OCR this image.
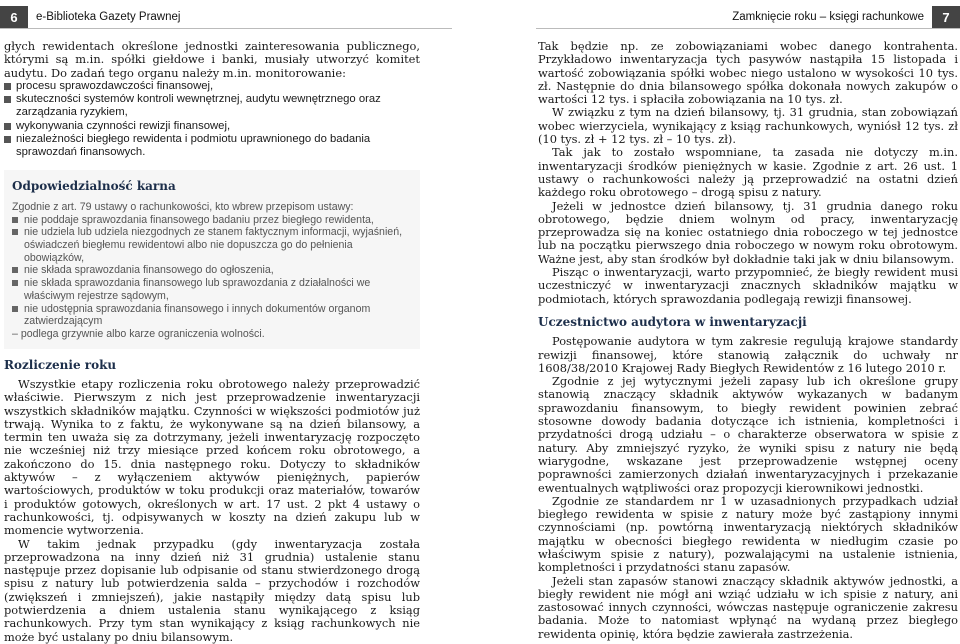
6	e-Biblioteka Gazety Prawnej	Zamknięcie roku – księgi rachunkowe	7

głych rewidentach określone jednostki zainteresowania publicznego, którymi są m.in. spółki giełdowe i banki, musiały utworzyć komitet audytu. Do zadań tego organu należy m.in. monitorowanie:

procesu sprawozdawczości finansowej,
skuteczności systemów kontroli wewnętrznej, audytu wewnętrznego oraz zarządzania ryzykiem,
wykonywania czynności rewizji finansowej,
niezależności biegłego rewidenta i podmiotu uprawnionego do badania sprawozdań finansowych.
Odpowiedzialność karna
Zgodnie z art. 79 ustawy o rachunkowości, kto wbrew przepisom ustawy:
nie poddaje sprawozdania finansowego badaniu przez biegłego rewidenta,
nie udziela lub udziela niezgodnych ze stanem faktycznym informacji, wyjaśnień, oświadczeń biegłemu rewidentowi albo nie dopuszcza go do pełnienia obowiązków,
nie składa sprawozdania finansowego do ogłoszenia,
nie składa sprawozdania finansowego lub sprawozdania z działalności we właściwym rejestrze sądowym,
nie udostępnia sprawozdania finansowego i innych dokumentów organom zatwierdzającym
– podlega grzywnie albo karze ograniczenia wolności.
Rozliczenie roku

Wszystkie etapy rozliczenia roku obrotowego należy przeprowadzić właściwie. Pierwszym z nich jest przeprowadzenie inwentaryzacji wszystkich składników majątku. Czynności w większości podmiotów już trwają. Wynika to z faktu, że wykonywane są na dzień bilansowy, a termin ten uważa się za dotrzymany, jeżeli inwentaryzację rozpoczęto nie wcześniej niż trzy miesiące przed końcem roku obrotowego, a zakończono do 15. dnia następnego roku. Dotyczy to składników aktywów – z wyłączeniem aktywów pieniężnych, papierów wartościowych, produktów w toku produkcji oraz materiałów, towarów i produktów gotowych, określonych w art. 17 ust. 2 pkt 4 ustawy o rachunkowości, tj. odpisywanych w koszty na dzień zakupu lub w momencie wytworzenia.

W takim jednak przypadku (gdy inwentaryzacja została przeprowadzona na inny dzień niż 31 grudnia) ustalenie stanu następuje przez dopisanie lub odpisanie od stanu stwierdzonego drogą spisu z natury lub potwierdzenia salda – przychodów i rozchodów (zwiększeń i zmniejszeń), jakie nastąpiły między datą spisu lub potwierdzenia a dniem ustalenia stanu wynikającego z ksiąg rachunkowych. Przy tym stan wynikający z ksiąg rachunkowych nie może być ustalany po dniu bilansowym.

Tak będzie np. ze zobowiązaniami wobec danego kontrahenta. Przykładowo inwentaryzacja tych pasywów nastąpiła 15 listopada i wartość zobowiązania spółki wobec niego ustalono w wysokości 10 tys. zł. Następnie do dnia bilansowego spółka dokonała nowych zakupów o wartości 12 tys. i spłaciła zobowiązania na 10 tys. zł.

W związku z tym na dzień bilansowy, tj. 31 grudnia, stan zobowiązań wobec wierzyciela, wynikający z ksiąg rachunkowych, wyniósł 12 tys. zł (10 tys. zł + 12 tys. zł – 10 tys. zł).

Tak jak to zostało wspomniane, ta zasada nie dotyczy m.in. inwentaryzacji środków pieniężnych w kasie. Zgodnie z art. 26 ust. 1 ustawy o rachunkowości należy ją przeprowadzić na ostatni dzień każdego roku obrotowego – drogą spisu z natury.

Jeżeli w jednostce dzień bilansowy, tj. 31 grudnia danego roku obrotowego, będzie dniem wolnym od pracy, inwentaryzację przeprowadza się na koniec ostatniego dnia roboczego w tej jednostce lub na początku pierwszego dnia roboczego w nowym roku obrotowym. Ważne jest, aby stan środków był dokładnie taki jak w dniu bilansowym.

Pisząc o inwentaryzacji, warto przypomnieć, że biegły rewident musi uczestniczyć w inwentaryzacji znacznych składników majątku w podmiotach, których sprawozdania podlegają rewizji finansowej.

Uczestnictwo audytora w inwentaryzacji

Postępowanie audytora w tym zakresie regulują krajowe standardy rewizji finansowej, które stanowią załącznik do uchwały nr 1608/38/2010 Krajowej Rady Biegłych Rewidentów z 16 lutego 2010 r.

Zgodnie z jej wytycznymi jeżeli zapasy lub ich określone grupy stanowią znaczący składnik aktywów wykazanych w badanym sprawozdaniu finansowym, to biegły rewident powinien zebrać stosowne dowody badania dotyczące ich istnienia, kompletności i przydatności drogą udziału – o charakterze obserwatora w spisie z natury. Aby zmniejszyć ryzyko, że wyniki spisu z natury nie będą wiarygodne, wskazane jest przeprowadzenie wstępnej oceny poprawności zamierzonych działań inwentaryzacyjnych i przekazanie ewentualnych wątpliwości oraz propozycji kierownikowi jednostki.

Zgodnie ze standardem nr 1 w uzasadnionych przypadkach udział biegłego rewidenta w spisie z natury może być zastąpiony innymi czynnościami (np. powtórną inwentaryzacją niektórych składników majątku w obecności biegłego rewidenta w niedługim czasie po właściwym spisie z natury), pozwalającymi na ustalenie istnienia, kompletności i przydatności stanu zapasów.

Jeżeli stan zapasów stanowi znaczący składnik aktywów jednostki, a biegły rewident nie mógł ani wziąć udziału w ich spisie z natury, ani zastosować innych czynności, wówczas następuje ograniczenie zakresu badania. Może to natomiast wpłynąć na wydaną przez biegłego rewidenta opinię, która będzie zawierała zastrzeżenia.
